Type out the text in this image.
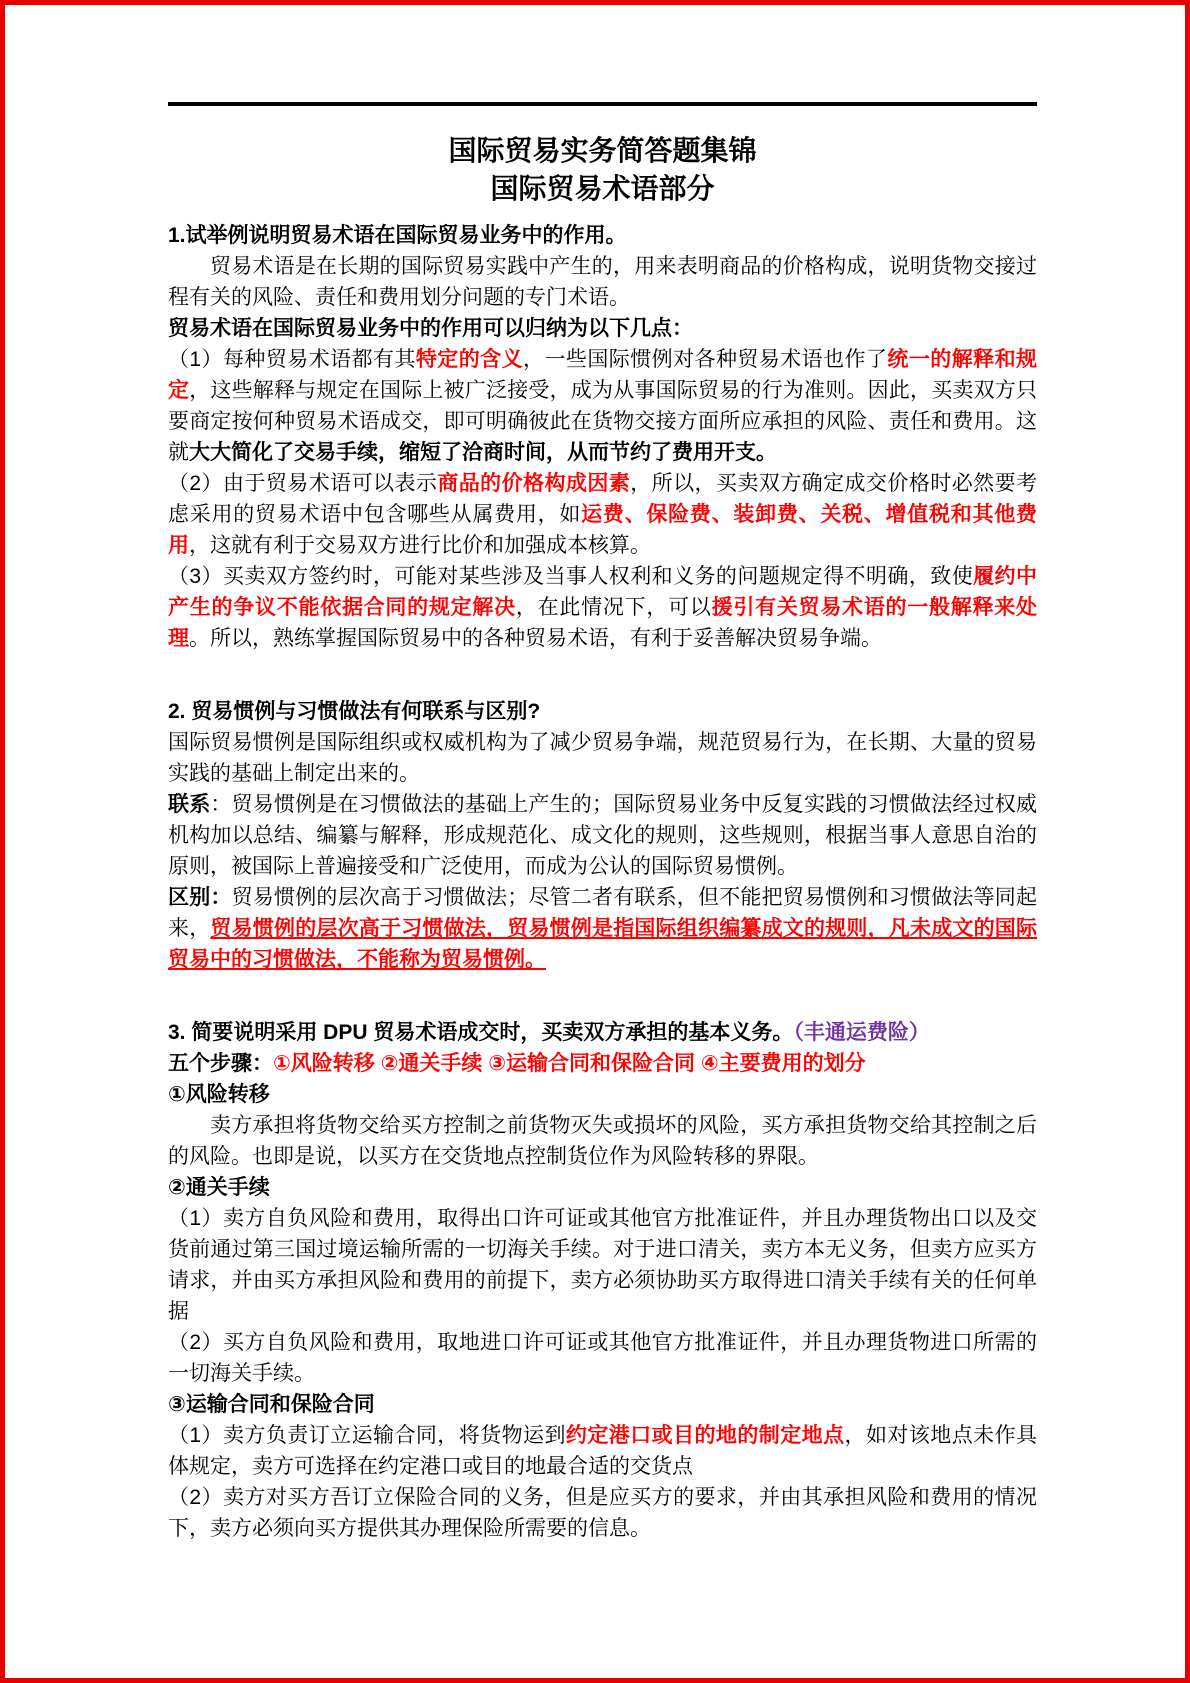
国际贸易实务简答题集锦
国际贸易术语部分

1.试举例说明贸易术语在国际贸易业务中的作用。

贸易术语是在长期的国际贸易实践中产生的，用来表明商品的价格构成，说明货物交接过程有关的风险、责任和费用划分问题的专门术语。

贸易术语在国际贸易业务中的作用可以归纳为以下几点：

（1）每种贸易术语都有其特定的含义，一些国际惯例对各种贸易术语也作了统一的解释和规定，这些解释与规定在国际上被广泛接受，成为从事国际贸易的行为准则。因此，买卖双方只要商定按何种贸易术语成交，即可明确彼此在货物交接方面所应承担的风险、责任和费用。这就大大简化了交易手续，缩短了洽商时间，从而节约了费用开支。

（2）由于贸易术语可以表示商品的价格构成因素，所以，买卖双方确定成交价格时必然要考虑采用的贸易术语中包含哪些从属费用，如运费、保险费、装卸费、关税、增值税和其他费用，这就有利于交易双方进行比价和加强成本核算。

（3）买卖双方签约时，可能对某些涉及当事人权利和义务的问题规定得不明确，致使履约中产生的争议不能依据合同的规定解决，在此情况下，可以援引有关贸易术语的一般解释来处理。所以，熟练掌握国际贸易中的各种贸易术语，有利于妥善解决贸易争端。

2. 贸易惯例与习惯做法有何联系与区别?

国际贸易惯例是国际组织或权威机构为了减少贸易争端，规范贸易行为，在长期、大量的贸易实践的基础上制定出来的。

联系：贸易惯例是在习惯做法的基础上产生的；国际贸易业务中反复实践的习惯做法经过权威机构加以总结、编纂与解释，形成规范化、成文化的规则，这些规则，根据当事人意思自治的原则，被国际上普遍接受和广泛使用，而成为公认的国际贸易惯例。

区别：贸易惯例的层次高于习惯做法；尽管二者有联系，但不能把贸易惯例和习惯做法等同起来，贸易惯例的层次高于习惯做法，贸易惯例是指国际组织编纂成文的规则，凡未成文的国际贸易中的习惯做法，不能称为贸易惯例。

3. 简要说明采用 DPU 贸易术语成交时，买卖双方承担的基本义务。（丰通运费险）

五个步骤：①风险转移 ②通关手续 ③运输合同和保险合同 ④主要费用的划分

①风险转移

卖方承担将货物交给买方控制之前货物灭失或损坏的风险，买方承担货物交给其控制之后的风险。也即是说，以买方在交货地点控制货位作为风险转移的界限。

②通关手续

（1）卖方自负风险和费用，取得出口许可证或其他官方批准证件，并且办理货物出口以及交货前通过第三国过境运输所需的一切海关手续。对于进口清关，卖方本无义务，但卖方应买方请求，并由买方承担风险和费用的前提下，卖方必须协助买方取得进口清关手续有关的任何单据

（2）买方自负风险和费用，取地进口许可证或其他官方批准证件，并且办理货物进口所需的一切海关手续。

③运输合同和保险合同

（1）卖方负责订立运输合同，将货物运到约定港口或目的地的制定地点，如对该地点未作具体规定，卖方可选择在约定港口或目的地最合适的交货点

（2）卖方对买方吾订立保险合同的义务，但是应买方的要求，并由其承担风险和费用的情况下，卖方必须向买方提供其办理保险所需要的信息。
